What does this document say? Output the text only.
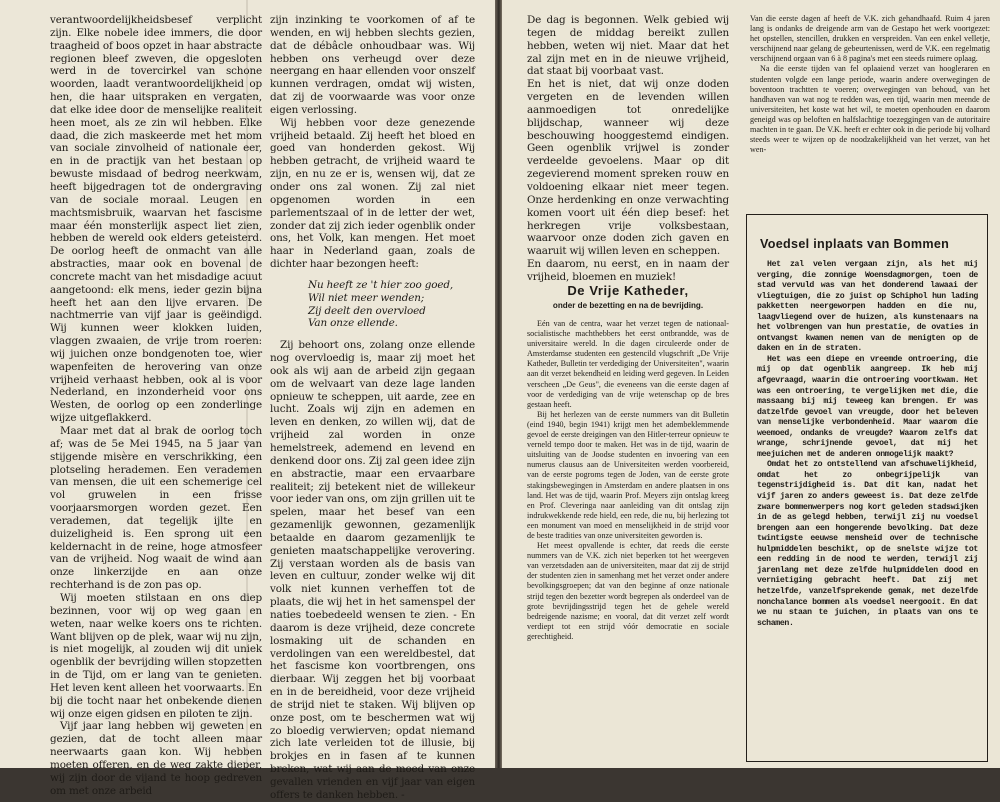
verantwoordelijkheidsbesef verplicht zijn. Elke nobele idee immers, die door traagheid of boos opzet in haar abstracte regionen bleef zweven, die opgesloten werd in de tovercirkel van schone woorden, laadt verantwoordelijkheid op hen, die haar uitspraken en vergaten, dat elke idee door de menselijke realiteit heen moet, als ze zin wil hebben. Elke daad, die zich maskeerde met het mom van sociale zinvolheid of nationale eer, en in de practijk van het bestaan op bewuste misdaad of bedrog neerkwam, heeft bijgedragen tot de ondergraving van de sociale moraal. Leugen en machtsmisbruik, waarvan het fascisme maar één monsterlijk aspect liet zien, hebben de wereld ook elders geteisterd. De oorlog heeft de onmacht van alle abstracties, maar ook en bovenal de concrete macht van het misdadige acuut aangetoond: elk mens, ieder gezin bijna heeft het aan den lijve ervaren. De nachtmerrie van vijf jaar is geëindigd. Wij kunnen weer klokken luiden, vlaggen zwaaien, de vrije trom roeren: wij juichen onze bondgenoten toe, wier wapenfeiten de herovering van onze vrijheid verhaast hebben, ook al is voor Nederland, en inzonderheid voor ons Westen, de oorlog op een zonderlinge wijze uitgeflakkerd.

Maar met dat al brak de oorlog toch af; was de 5e Mei 1945, na 5 jaar van stijgende misère en verschrikking, een plotseling herademen. Een verademen van mensen, die uit een schemerige cel vol gruwelen in een frisse voorjaarsmorgen worden gezet. Een verademen, dat tegelijk ijlte en duizeligheid is. Een sprong uit een keldernacht in de reine, hoge atmosfeer van de vrijheid. Nog waait de wind aan onze linkerzijde en aan onze rechterhand is de zon pas op.

Wij moeten stilstaan en ons diep bezinnen, voor wij op weg gaan en weten, naar welke koers ons te richten. Want blijven op de plek, waar wij nu zijn, is niet mogelijk, al zouden wij dit uniek ogenblik der bevrijding willen stopzetten in de Tijd, om er lang van te genieten. Het leven kent alleen het voorwaarts. En bij die tocht naar het onbekende dienen wij onze eigen gidsen en piloten te zijn.

Vijf jaar lang hebben wij geweten en gezien, dat de tocht alleen maar neerwaarts gaan kon. Wij hebben moeten offeren, en de weg zakte dieper, wij zijn door de vijand te hoop gedreven om met onze arbeid

zijn inzinking te voorkomen of af te wenden, en wij hebben slechts gezien, dat de débâcle onhoudbaar was. Wij hebben ons verheugd over deze neergang en haar ellenden voor onszelf kunnen verdragen, omdat wij wisten, dat zij de voorwaarde was voor onze eigen verlossing.

Wij hebben voor deze genezende vrijheid betaald. Zij heeft het bloed en goed van honderden gekost. Wij hebben getracht, de vrijheid waard te zijn, en nu ze er is, wensen wij, dat ze onder ons zal wonen. Zij zal niet opgenomen worden in een parlementszaal of in de letter der wet, zonder dat zij zich ieder ogenblik onder ons, het Volk, kan mengen. Het moet haar in Nederland gaan, zoals de dichter haar bezongen heeft:

Nu heeft ze 't hier zoo goed,
Wil niet meer wenden;
Zij deelt den overvloed
Van onze ellende.

Zij behoort ons, zolang onze ellende nog overvloedig is, maar zij moet het ook als wij aan de arbeid zijn gegaan om de welvaart van deze lage landen opnieuw te scheppen, uit aarde, zee en lucht. Zoals wij zijn en ademen en leven en denken, zo willen wij, dat de vrijheid zal worden in onze hemelstreek, ademend en levend en denkend door ons. Zij zal geen idee zijn en abstractie, maar een ervaarbare realiteit; zij betekent niet de willekeur voor ieder van ons, om zijn grillen uit te spelen, maar het besef van een gezamenlijk gewonnen, gezamenlijk betaalde en daarom gezamenlijk te genieten maatschappelijke verovering. Zij verstaan worden als de basis van leven en cultuur, zonder welke wij dit volk niet kunnen verheffen tot de plaats, die wij het in het samenspel der naties toebedeeld wensen te zien. - En daarom is deze vrijheid, deze concrete losmaking uit de schanden en verdolingen van een wereldbestel, dat het fascisme kon voortbrengen, ons dierbaar. Wij zeggen het bij voorbaat en in de bereidheid, voor deze vrijheid de strijd niet te staken. Wij blijven op onze post, om te beschermen wat wij zo bloedig verwierven; opdat niemand zich late verleiden tot de illusie, bij brokjes en in fasen af te kunnen breken, wat wij aan de moed van onze gevallen vrienden en vijf jaar van eigen offers te danken hebben. -

De dag is begonnen. Welk gebied wij tegen de middag bereikt zullen hebben, weten wij niet. Maar dat het zal zijn met en in de nieuwe vrijheid, dat staat bij voorbaat vast.

En het is niet, dat wij onze doden vergeten en de levenden willen aanmoedigen tot onredelijke blijdschap, wanneer wij deze beschouwing hooggestemd eindigen. Geen ogenblik vrijwel is zonder verdeelde gevoelens. Maar op dit zegevierend moment spreken rouw en voldoening elkaar niet meer tegen. Onze herdenking en onze verwachting komen voort uit één diep besef: het herkregen vrije volksbestaan, waarvoor onze doden zich gaven en waaruit wij willen leven en scheppen.

En daarom, nu eerst, en in naam der vrijheid, bloemen en muziek!

De Vrije Katheder,
onder de bezetting en na de bevrijding.

Eén van de centra, waar het verzet tegen de nationaal-socialistische machthebbers het eerst ontbrandde, was de universitaire wereld. In die dagen circuleerde onder de Amsterdamse studenten een gestencild vlugschrift „De Vrije Katheder, Bulletin ter verdediging der Universiteiten", waarin aan dit verzet bekendheid en leiding werd gegeven. In Leiden verscheen „De Geus", die eveneens van die eerste dagen af voor de verdediging van de vrije wetenschap op de bres gestaan heeft.

Bij het herlezen van de eerste nummers van dit Bulletin (eind 1940, begin 1941) krijgt men het adembeklemmende gevoel de eerste dreigingen van den Hitler-terreur opnieuw te verneld tempo door te maken. Het was in de tijd, waarin de uitsluiting van de Joodse studenten en invoering van een numerus clausus aan de Universiteiten werden voorbereid, van de eerste pogroms tegen de Joden, van de eerste grote stakingsbewegingen in Amsterdam en andere plaatsen in ons land. Het was de tijd, waarin Prof. Meyers zijn ontslag kreeg en Prof. Cleveringa naar aanleiding van dit ontslag zijn indrukwekkende rede hield, een rede, die nu, bij herlezing tot een monument van moed en menselijkheid in de strijd voor de beste tradities van onze universiteiten geworden is.

Het meest opvallende is echter, dat reeds die eerste nummers van de V.K. zich niet beperken tot het weergeven van verzetsdaden aan de universiteiten, maar dat zij de strijd der studenten zien in samenhang met het verzet onder andere bevolkingsgroepen; dat van den beginne af onze nationale strijd tegen den bezetter wordt begrepen als onderdeel van de grote bevrijdingsstrijd tegen het de gehele wereld bedreigende nazisme; en vooral, dat dit verzet zelf wordt verdiept tot een strijd vóór democratie en sociale gerechtigheid.

Van die eerste dagen af heeft de V.K. zich gehandhaafd. Ruim 4 jaren lang is ondanks de dreigende arm van de Gestapo het werk voortgezet: het opstellen, stencillen, drukken en verspreiden. Van een enkel velletje, verschijnend naar gelang de gebeurtenissen, werd de V.K. een regelmatig verschijnend orgaan van 6 à 8 pagina's met een steeds ruimere oplaag.

Na die eerste tijden van fel oplaaiend verzet van hoogleraren en studenten volgde een lange periode, waarin andere overwegingen de boventoon trachtten te voeren; overwegingen van behoud, van het handhaven van wat nog te redden was, een tijd, waarin men meende de universiteiten, het koste wat het wil, te moeten openhouden en daarom geneigd was op beloften en halfslachtige toezeggingen van de autoritaire machten in te gaan. De V.K. heeft er echter ook in die periode bij volhard steeds weer te wijzen op de noodzakelijkheid van het verzet, van het wen-

Voedsel inplaats van Bommen

Het zal velen vergaan zijn, als het mij verging, die zonnige Woensdagmorgen, toen de stad vervuld was van het donderend lawaai der vliegtuigen, die zo juist op Schiphol hun lading pakketten neergeworpen hadden en die nu, laagvliegend over de huizen, als kunstenaars na het volbrengen van hun prestatie, de ovaties in ontvangst kwamen nemen van de menigten op de daken en in de straten.

Het was een diepe en vreemde ontroering, die mij op dat ogenblik aangreep. Ik heb mij afgevraagd, waarin die ontroering voortkwam. Het was een ontroering, te vergelijken met die, die massaang bij mij teweeg kan brengen. Er was datzelfde gevoel van vreugde, door het beleven van menselijke verbondenheid. Maar waarom die weemoed, ondanks de vreugde? Waarom zelfs dat wrange, schrijnende gevoel, dat mij het meejuichen met de anderen onmogelijk maakt?

Omdat het zo ontstellend van afschuwelijkheid, omdat het zo onbegrijpelijk van tegenstrijdigheid is. Dat dit kan, nadat het vijf jaren zo anders geweest is. Dat deze zelfde zware bommenwerpers nog kort geleden stadswijken in de as gelegd hebben, terwijl zij nu voedsel brengen aan een hongerende bevolking. Dat deze twintigste eeuwse mensheid over de technische hulpmiddelen beschikt, op de snelste wijze tot een redding in de nood te werden, terwijl zij jarenlang met deze zelfde hulpmiddelen dood en vernietiging gebracht heeft. Dat zij met hetzelfde, vanzelfsprekende gemak, met dezelfde nonchalance bommen als voedsel neergooit. En dat we nu staan te juichen, in plaats van ons te schamen.
